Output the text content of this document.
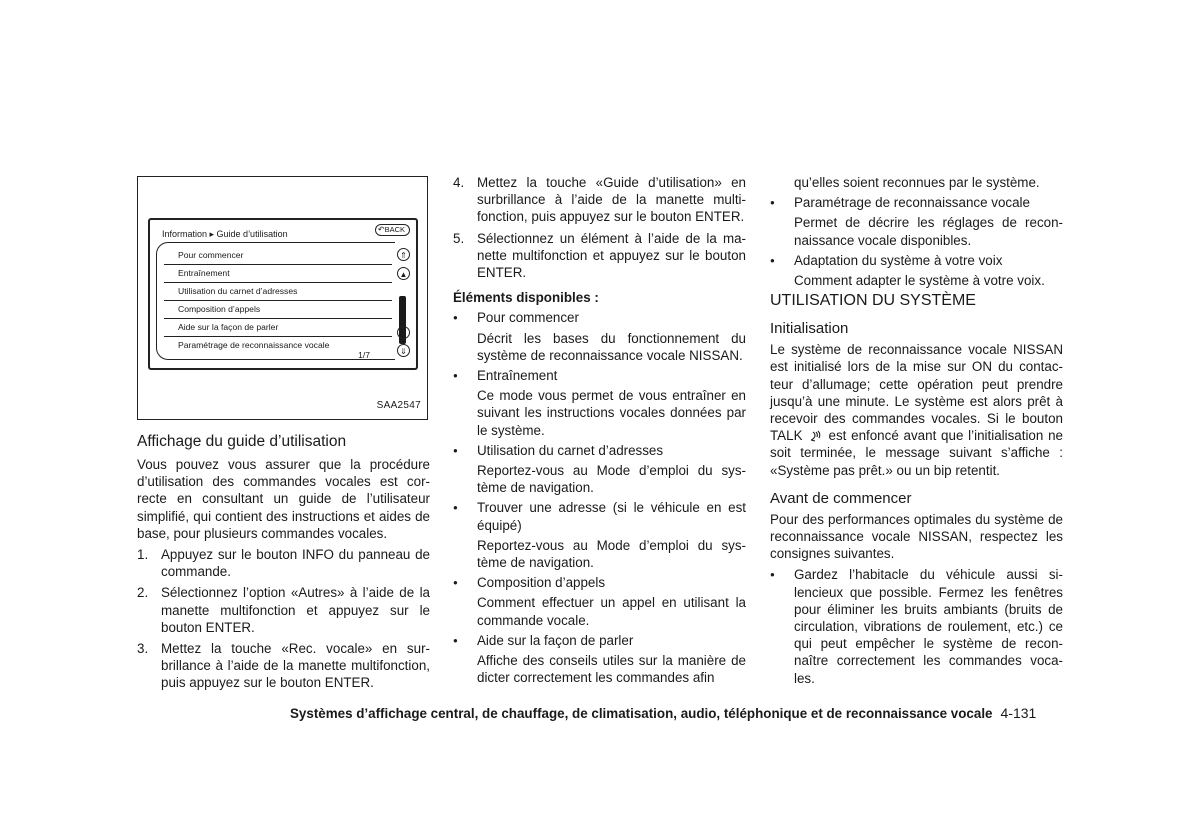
Information ▸ Guide d’utilisation	↶BACK
Pour commencer
Entraînement
Utilisation du carnet d’adresses
Composition d’appels
Aide sur la façon de parler
Paramétrage de reconnaissance vocale
⇑
▲
▼
⇓
1/7
SAA2547

Affichage du guide d’utilisation

Vous pouvez vous assurer que la procédure d’utilisation des commandes vocales est cor-recte en consultant un guide de l’utilisateur simplifié, qui contient des instructions et aides de base, pour plusieurs commandes vocales.

1. Appuyez sur le bouton INFO du panneau de commande.
2. Sélectionnez l’option «Autres» à l’aide de la manette multifonction et appuyez sur le bouton ENTER.
3. Mettez la touche «Rec. vocale» en sur-brillance à l’aide de la manette multifonction, puis appuyez sur le bouton ENTER.
4. Mettez la touche «Guide d’utilisation» en surbrillance à l’aide de la manette multi-fonction, puis appuyez sur le bouton ENTER.
5. Sélectionnez un élément à l’aide de la ma-nette multifonction et appuyez sur le bouton ENTER.

Éléments disponibles :

● Pour commencer

Décrit les bases du fonctionnement du système de reconnaissance vocale NISSAN.

● Entraînement

Ce mode vous permet de vous entraîner en suivant les instructions vocales données par le système.

● Utilisation du carnet d’adresses

Reportez-vous au Mode d’emploi du sys-tème de navigation.

● Trouver une adresse (si le véhicule en est équipé)

Reportez-vous au Mode d’emploi du sys-tème de navigation.

● Composition d’appels

Comment effectuer un appel en utilisant la commande vocale.

● Aide sur la façon de parler

Affiche des conseils utiles sur la manière de dicter correctement les commandes afin

qu’elles soient reconnues par le système.

● Paramétrage de reconnaissance vocale

Permet de décrire les réglages de recon-naissance vocale disponibles.

● Adaptation du système à votre voix

Comment adapter le système à votre voix.

UTILISATION DU SYSTÈME

Initialisation

Le système de reconnaissance vocale NISSAN est initialisé lors de la mise sur ON du contac-teur d’allumage; cette opération peut prendre jusqu’à une minute. Le système est alors prêt à recevoir des commandes vocales. Si le bouton TALK est enfoncé avant que l’initialisation ne soit terminée, le message suivant s’affiche : «Système pas prêt.» ou un bip retentit.

Avant de commencer

Pour des performances optimales du système de reconnaissance vocale NISSAN, respectez les consignes suivantes.

● Gardez l’habitacle du véhicule aussi si-lencieux que possible. Fermez les fenêtres pour éliminer les bruits ambiants (bruits de circulation, vibrations de roulement, etc.) ce qui peut empêcher le système de recon-naître correctement les commandes voca-les.

Systèmes d’affichage central, de chauffage, de climatisation, audio, téléphonique et de reconnaissance vocale 4-131
